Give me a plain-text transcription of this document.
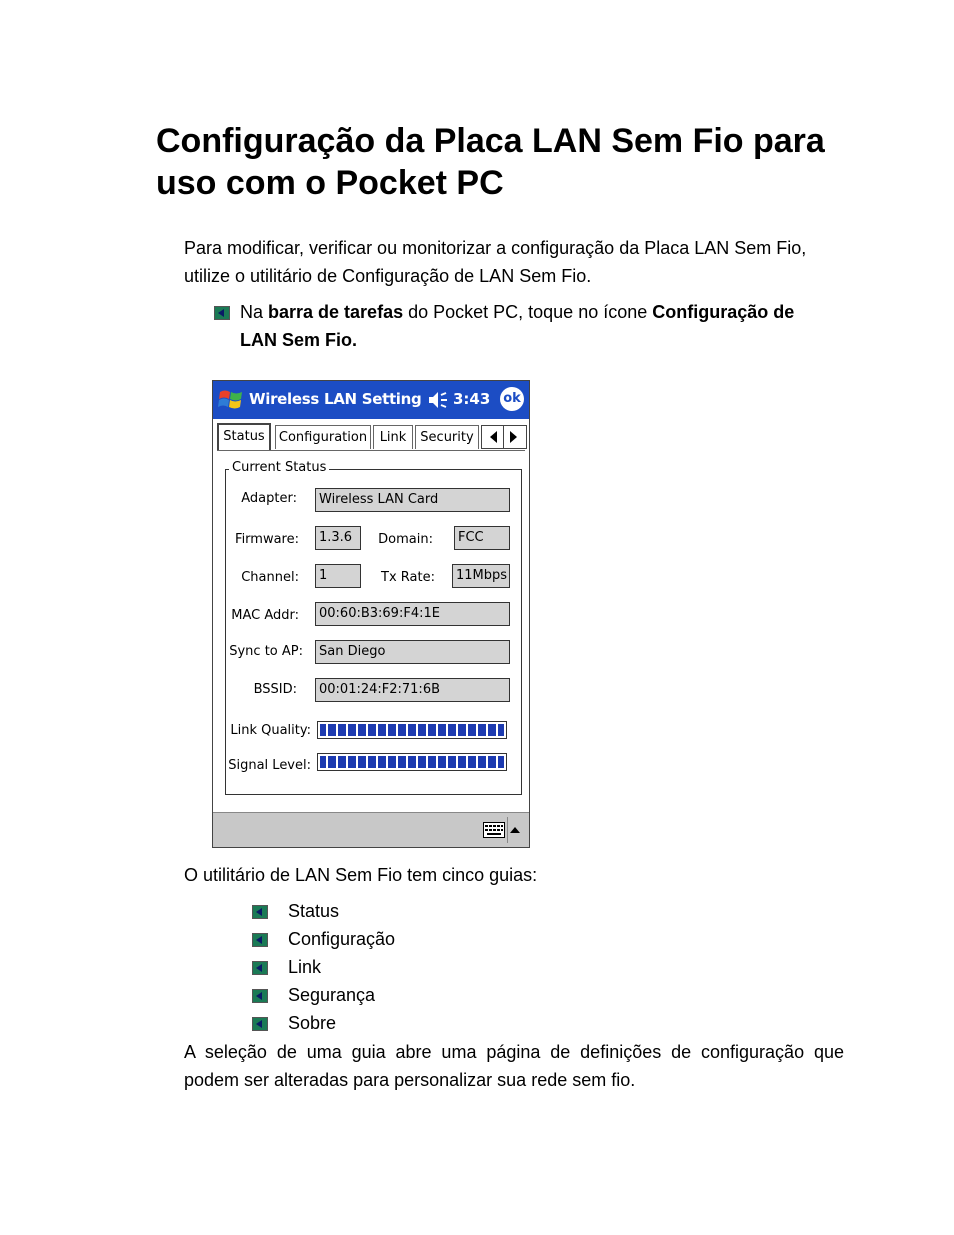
Configuração da Placa LAN Sem Fio para uso com o Pocket PC
Para modificar, verificar ou monitorizar a configuração da Placa LAN Sem Fio, utilize o utilitário de Configuração de LAN Sem Fio.
Na barra de tarefas do Pocket PC, toque no ícone Configuração de LAN Sem Fio.
Wireless LAN Setting 3:43 ok
Status	Configuration Link	Security
Current Status
Adapter:	Wireless LAN Card
Firmware:	1.3.6	Domain:	FCC
Channel:	1	Tx Rate:	11Mbps
MAC Addr:	00:60:B3:69:F4:1E
Sync to AP:	San Diego
BSSID:	00:01:24:F2:71:6B
Link Quality:
Signal Level:
O utilitário de LAN Sem Fio tem cinco guias:
Status
Configuração
Link
Segurança
Sobre
A seleção de uma guia abre uma página de definições de configuração que podem ser alteradas para personalizar sua rede sem fio.
